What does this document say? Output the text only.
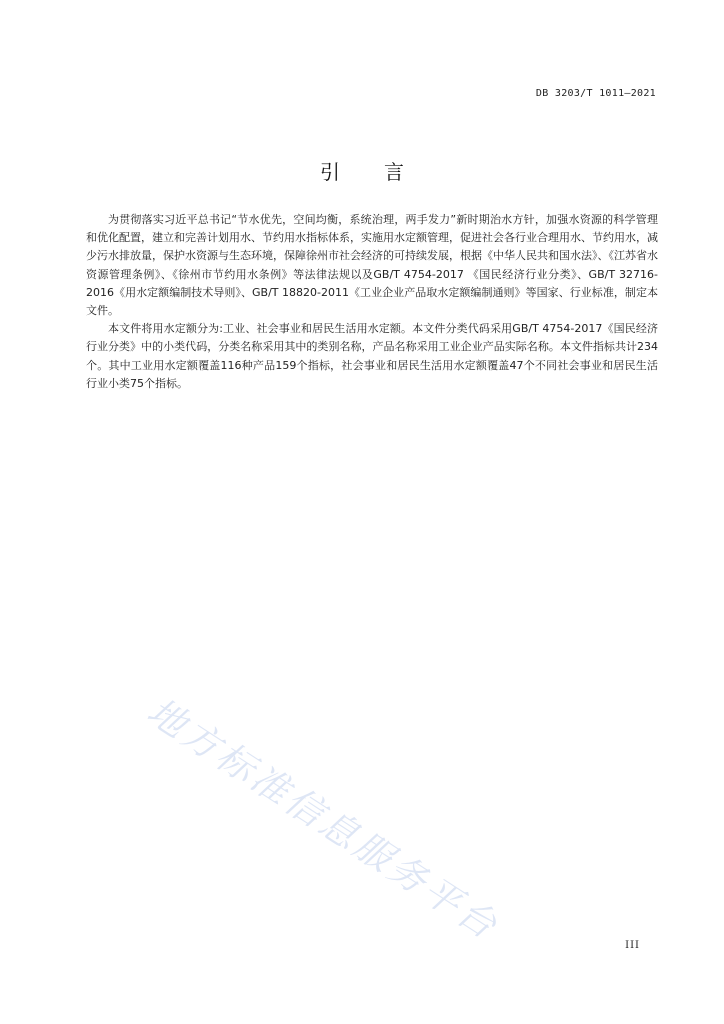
DB 3203/T 1011—2021
引言

为贯彻落实习近平总书记“节水优先，空间均衡，系统治理，两手发力”新时期治水方针，加强水资源的科学管理和优化配置，建立和完善计划用水、节约用水指标体系，实施用水定额管理，促进社会各行业合理用水、节约用水，减少污水排放量，保护水资源与生态环境，保障徐州市社会经济的可持续发展，根据《中华人民共和国水法》、《江苏省水资源管理条例》、《徐州市节约用水条例》等法律法规以及GB/T 4754-2017 《国民经济行业分类》、GB/T 32716-2016《用水定额编制技术导则》、GB/T 18820-2011《工业企业产品取水定额编制通则》等国家、行业标准，制定本文件。

本文件将用水定额分为:工业、社会事业和居民生活用水定额。本文件分类代码采用GB/T 4754-2017《国民经济行业分类》中的小类代码，分类名称采用其中的类别名称，产品名称采用工业企业产品实际名称。本文件指标共计234个。其中工业用水定额覆盖116种产品159个指标，社会事业和居民生活用水定额覆盖47个不同社会事业和居民生活行业小类75个指标。

地方标准信息服务平台	III
